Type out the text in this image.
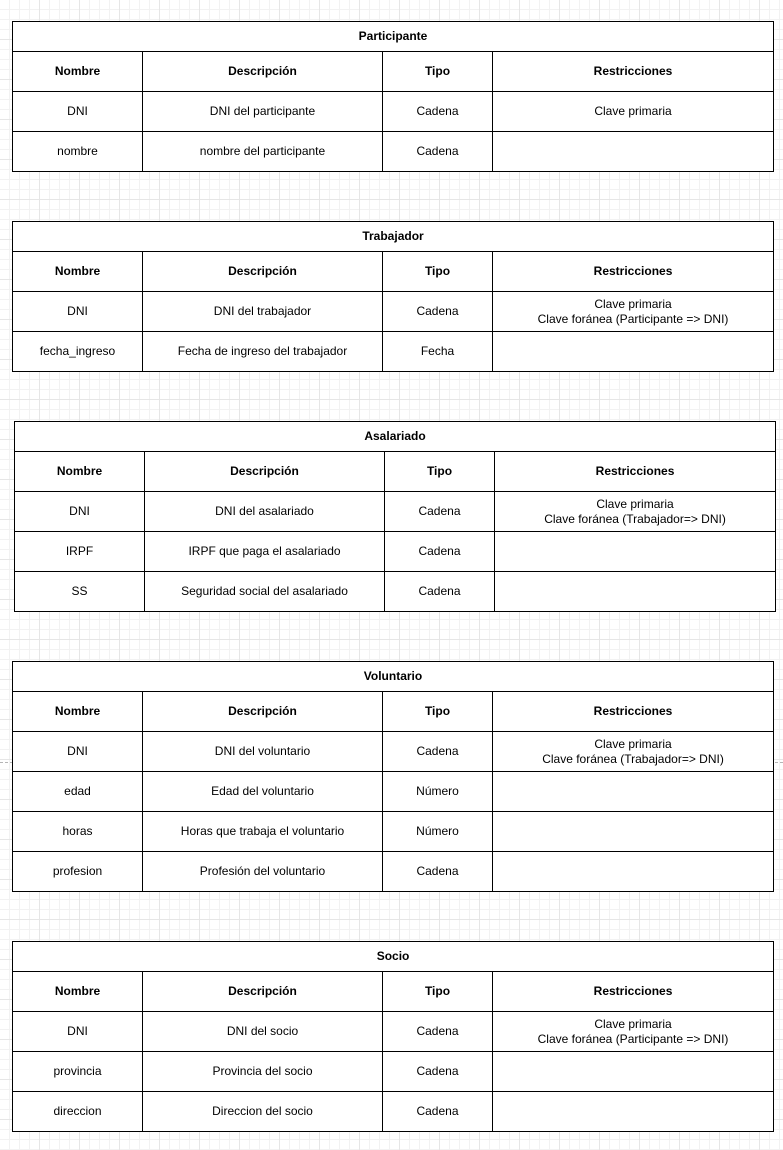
Participante			
Nombre	Descripción	Tipo	Restricciones
DNI	DNI del participante	Cadena	Clave primaria
nombre	nombre del participante	Cadena	
Trabajador			
Nombre	Descripción	Tipo	Restricciones
DNI	DNI del trabajador	Cadena	Clave primaria
Clave foránea (Participante => DNI)
fecha_ingreso	Fecha de ingreso del trabajador	Fecha	
Asalariado			
Nombre	Descripción	Tipo	Restricciones
DNI	DNI del asalariado	Cadena	Clave primaria
Clave foránea (Trabajador=> DNI)
IRPF	IRPF que paga el asalariado	Cadena	
SS	Seguridad social del asalariado	Cadena	
Voluntario			
Nombre	Descripción	Tipo	Restricciones
DNI	DNI del voluntario	Cadena	Clave primaria
Clave foránea (Trabajador=> DNI)
edad	Edad del voluntario	Número	
horas	Horas que trabaja el voluntario	Número	
profesion	Profesión del voluntario	Cadena	
Socio			
Nombre	Descripción	Tipo	Restricciones
DNI	DNI del socio	Cadena	Clave primaria
Clave foránea (Participante => DNI)
provincia	Provincia del socio	Cadena	
direccion	Direccion del socio	Cadena	
